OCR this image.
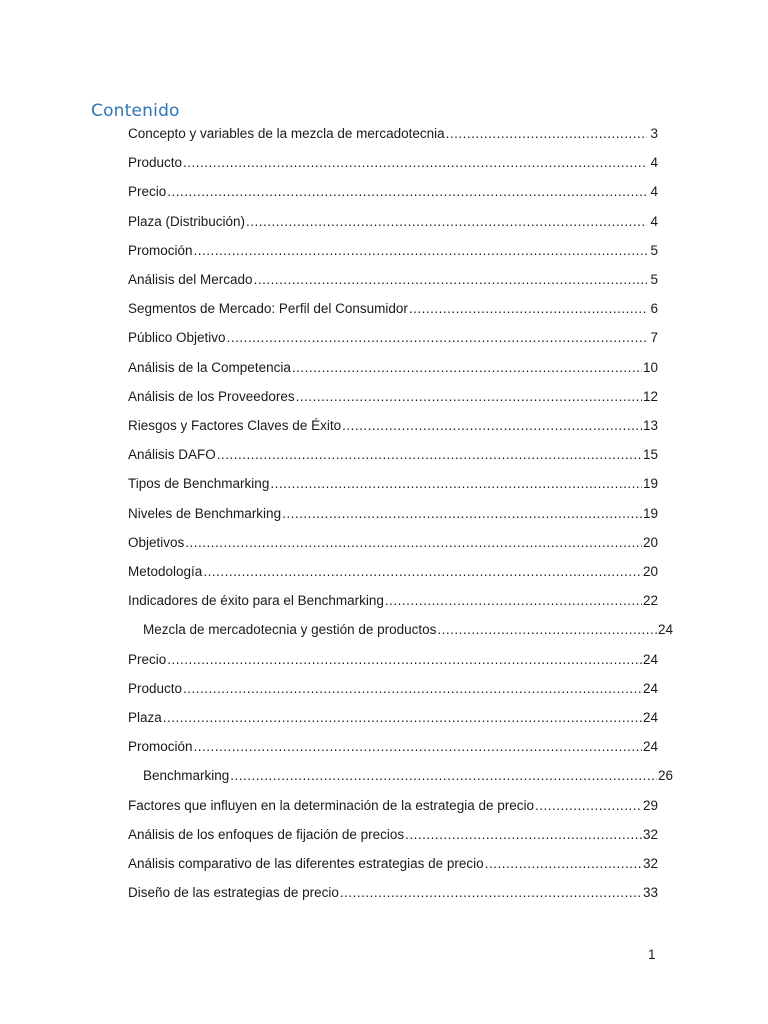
Contenido
Concepto y variables de la mezcla de mercadotecnia .....	3
Producto .....	4
Precio .....	4
Plaza (Distribución) .....	4
Promoción .....	5
Análisis del Mercado .....	5
Segmentos de Mercado: Perfil del Consumidor .....	6
Público Objetivo .....	7
Análisis de la Competencia .....	10
Análisis de los Proveedores .....	12
Riesgos y Factores Claves de Éxito .....	13
Análisis DAFO .....	15
Tipos de Benchmarking .....	19
Niveles de Benchmarking .....	19
Objetivos .....	20
Metodología .....	20
Indicadores de éxito para el Benchmarking .....	22
Mezcla de mercadotecnia y gestión de productos .....	24
Precio .....	24
Producto .....	24
Plaza .....	24
Promoción .....	24
Benchmarking .....	26
Factores que influyen en la determinación de la estrategia de precio .....	29
Análisis de los enfoques de fijación de precios .....	32
Análisis comparativo de las diferentes estrategias de precio .....	32
Diseño de las estrategias de precio .....	33
1
